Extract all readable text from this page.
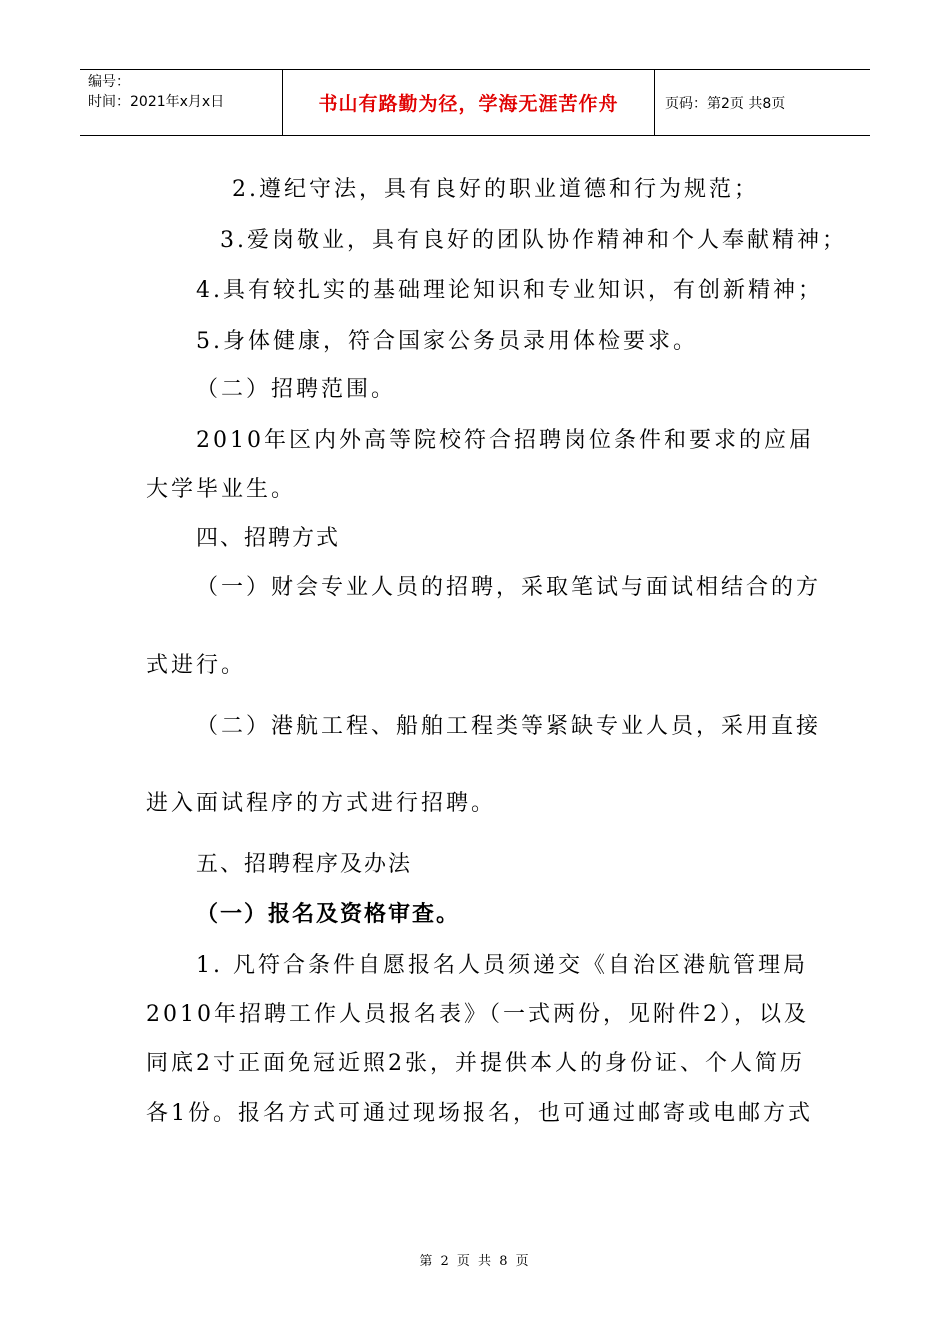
编号：
时间：2021年x月x日	书山有路勤为径，学海无涯苦作舟	页码：第2页 共8页
2.遵纪守法，具有良好的职业道德和行为规范；
3.爱岗敬业，具有良好的团队协作精神和个人奉献精神；
4.具有较扎实的基础理论知识和专业知识，有创新精神；
5.身体健康，符合国家公务员录用体检要求。
（二）招聘范围。
2010年区内外高等院校符合招聘岗位条件和要求的应届
大学毕业生。
四、招聘方式
（一）财会专业人员的招聘，采取笔试与面试相结合的方
式进行。
（二）港航工程、船舶工程类等紧缺专业人员，采用直接
进入面试程序的方式进行招聘。
五、招聘程序及办法
（一）报名及资格审查。
1. 凡符合条件自愿报名人员须递交《自治区港航管理局
2010年招聘工作人员报名表》（一式两份，见附件2），以及
同底2寸正面免冠近照2张，并提供本人的身份证、个人简历
各1份。报名方式可通过现场报名，也可通过邮寄或电邮方式
第 2 页 共 8 页
